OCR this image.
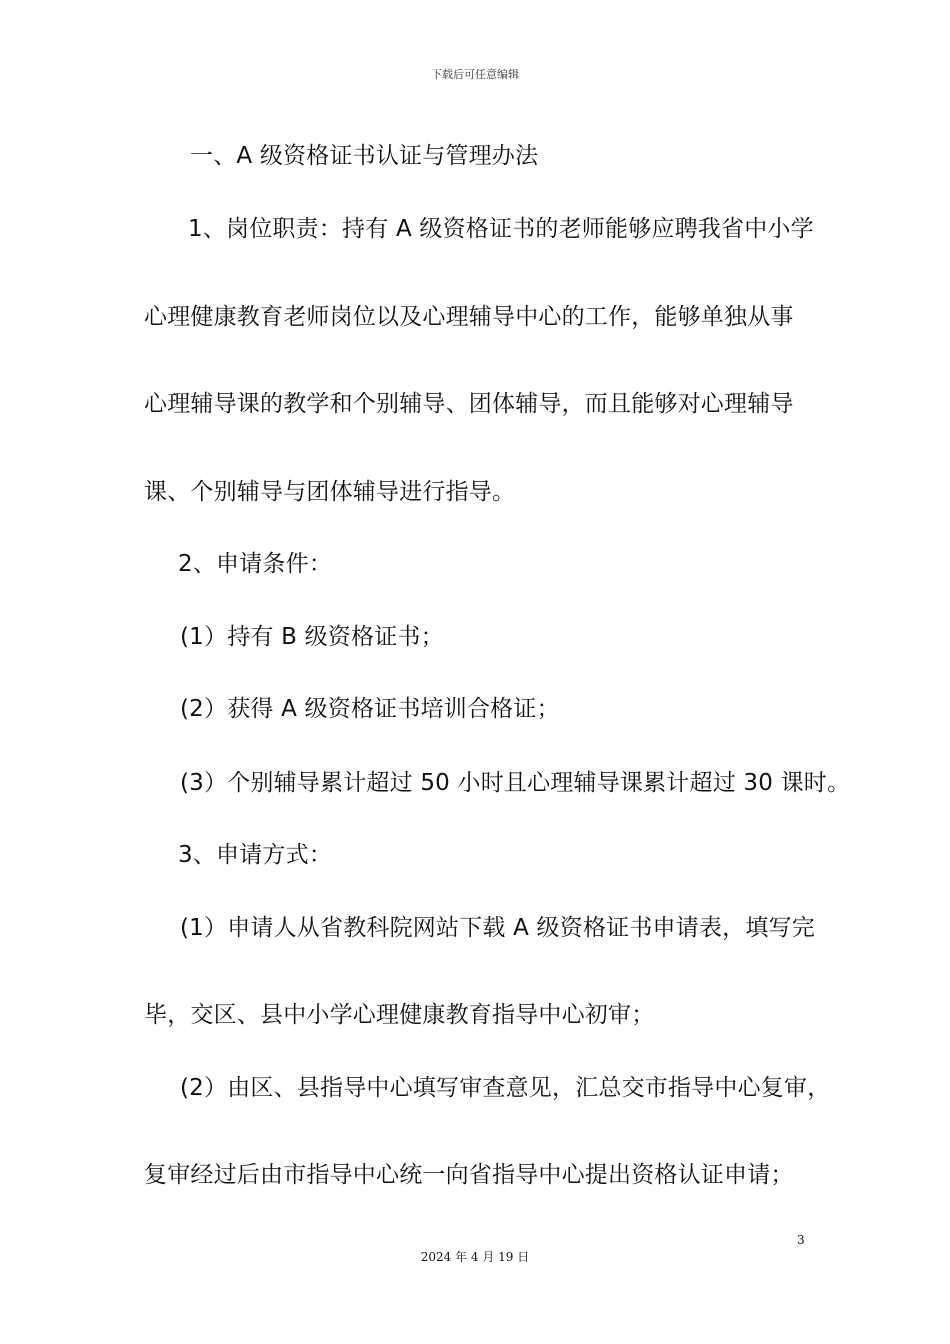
下载后可任意编辑
一、A 级资格证书认证与管理办法
1、岗位职责：持有 A 级资格证书的老师能够应聘我省中小学
心理健康教育老师岗位以及心理辅导中心的工作，能够单独从事
心理辅导课的教学和个别辅导、团体辅导，而且能够对心理辅导
课、个别辅导与团体辅导进行指导。
2、申请条件：
(1）持有 B 级资格证书；
(2）获得 A 级资格证书培训合格证；
(3）个别辅导累计超过 50 小时且心理辅导课累计超过 30 课时。
3、申请方式：
(1）申请人从省教科院网站下载 A 级资格证书申请表，填写完
毕，交区、县中小学心理健康教育指导中心初审；
(2）由区、县指导中心填写审查意见，汇总交市指导中心复审，
复审经过后由市指导中心统一向省指导中心提出资格认证申请；
3
2024 年 4 月 19 日
